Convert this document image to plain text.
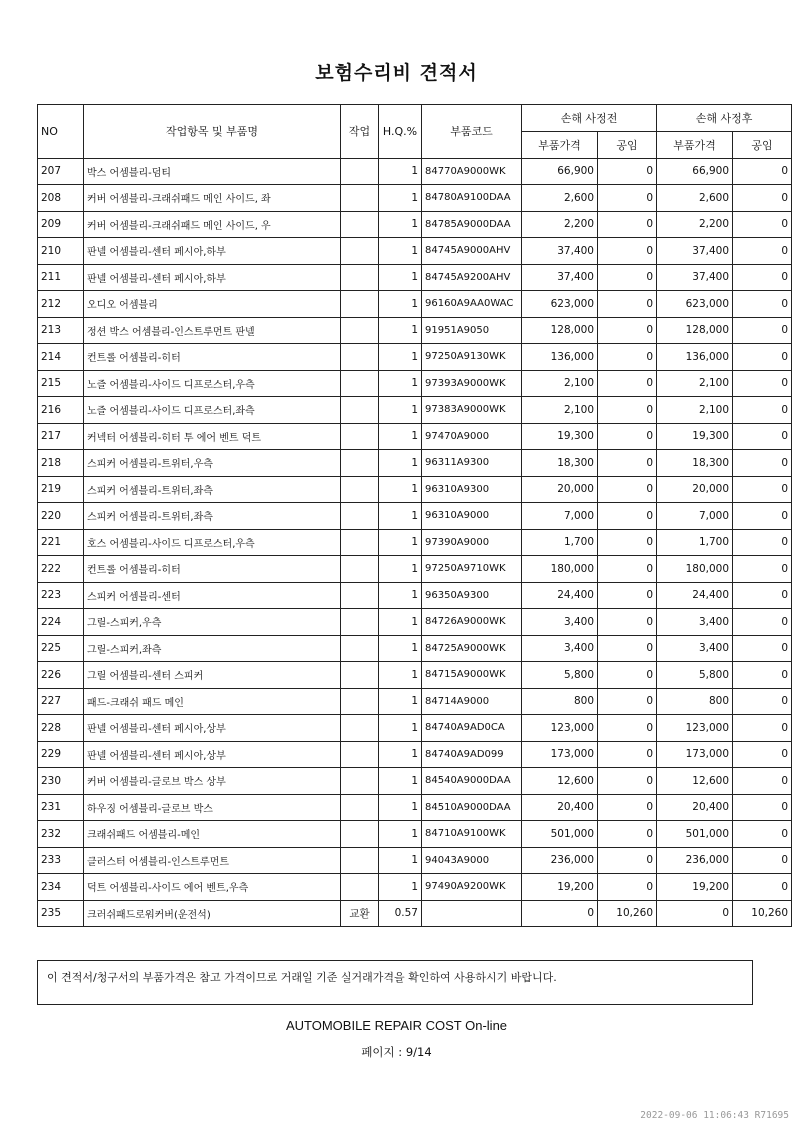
보험수리비 견적서
NO	작업항목 및 부품명	작업	H.Q.%	부품코드	손해 사정전		손해 사정후	
					부품가격	공임	부품가격	공임
207	박스 어셈블리-덤티		1	84770A9000WK	66,900	0	66,900	0
208	커버 어셈블리-크래쉬패드 메인 사이드, 좌		1	84780A9100DAA	2,600	0	2,600	0
209	커버 어셈블리-크래쉬패드 메인 사이드, 우		1	84785A9000DAA	2,200	0	2,200	0
210	판넬 어셈블리-센터 페시아,하부		1	84745A9000AHV	37,400	0	37,400	0
211	판넬 어셈블리-센터 페시아,하부		1	84745A9200AHV	37,400	0	37,400	0
212	오디오 어셈블리		1	96160A9AA0WAC	623,000	0	623,000	0
213	정션 박스 어셈블리-인스트루먼트 판넬		1	91951A9050	128,000	0	128,000	0
214	컨트롤 어셈블리-히터		1	97250A9130WK	136,000	0	136,000	0
215	노즐 어셈블리-사이드 디프로스터,우측		1	97393A9000WK	2,100	0	2,100	0
216	노즐 어셈블리-사이드 디프로스터,좌측		1	97383A9000WK	2,100	0	2,100	0
217	커넥터 어셈블리-히터 투 에어 벤트 덕트		1	97470A9000	19,300	0	19,300	0
218	스피커 어셈블리-트위터,우측		1	96311A9300	18,300	0	18,300	0
219	스피커 어셈블리-트위터,좌측		1	96310A9300	20,000	0	20,000	0
220	스피커 어셈블리-트위터,좌측		1	96310A9000	7,000	0	7,000	0
221	호스 어셈블리-사이드 디프로스터,우측		1	97390A9000	1,700	0	1,700	0
222	컨트롤 어셈블리-히터		1	97250A9710WK	180,000	0	180,000	0
223	스피커 어셈블리-센터		1	96350A9300	24,400	0	24,400	0
224	그릴-스피커,우측		1	84726A9000WK	3,400	0	3,400	0
225	그릴-스피커,좌측		1	84725A9000WK	3,400	0	3,400	0
226	그릴 어셈블리-센터 스피커		1	84715A9000WK	5,800	0	5,800	0
227	패드-크래쉬 패드 메인		1	84714A9000	800	0	800	0
228	판넬 어셈블리-센터 페시아,상부		1	84740A9AD0CA	123,000	0	123,000	0
229	판넬 어셈블리-센터 페시아,상부		1	84740A9AD099	173,000	0	173,000	0
230	커버 어셈블리-글로브 박스 상부		1	84540A9000DAA	12,600	0	12,600	0
231	하우징 어셈블리-글로브 박스		1	84510A9000DAA	20,400	0	20,400	0
232	크래쉬패드 어셈블리-메인		1	84710A9100WK	501,000	0	501,000	0
233	클러스터 어셈블리-인스트루먼트		1	94043A9000	236,000	0	236,000	0
234	덕트 어셈블리-사이드 에어 벤트,우측		1	97490A9200WK	19,200	0	19,200	0
235	크러쉬패드로워커버(운전석)	교환	0.57		0	10,260	0	10,260
이 견적서/청구서의 부품가격은 참고 가격이므로 거래일 기준 실거래가격을 확인하여 사용하시기 바랍니다.
AUTOMOBILE REPAIR COST On-line
페이지 : 9/14
2022-09-06 11:06:43 R71695
